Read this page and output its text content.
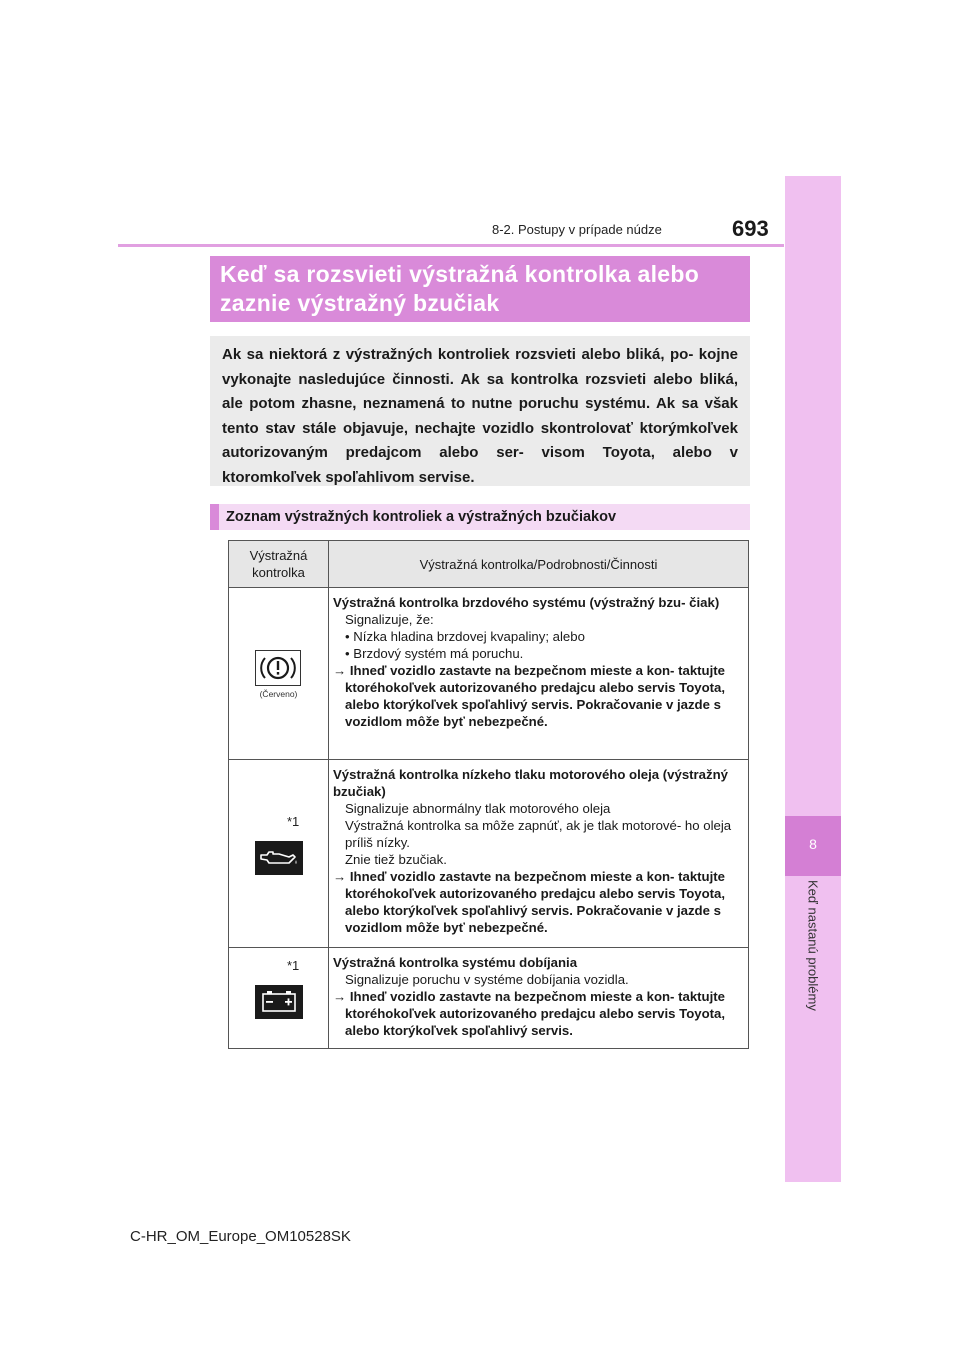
8
Keď nastanú problémy
8-2. Postupy v prípade núdze	693
Keď sa rozsvieti výstražná kontrolka alebo
zaznie výstražný bzučiak

Ak sa niektorá z výstražných kontroliek rozsvieti alebo bliká, po- kojne vykonajte nasledujúce činnosti. Ak sa kontrolka rozsvieti alebo bliká, ale potom zhasne, neznamená to nutne poruchu systému. Ak sa však tento stav stále objavuje, nechajte vozidlo skontrolovať ktorýmkoľvek autorizovaným predajcom alebo ser- visom Toyota, alebo v ktoromkoľvek spoľahlivom servise.

Zoznam výstražných kontroliek a výstražných bzučiakov
Výstražná kontrolka
Výstražná kontrolka/Podrobnosti/Činnosti
(Červeno)
Výstražná kontrolka brzdového systému (výstražný bzu- čiak)
Signalizuje, že:
• Nízka hladina brzdovej kvapaliny; alebo
• Brzdový systém má poruchu.
→ Ihneď vozidlo zastavte na bezpečnom mieste a kon- taktujte ktoréhokoľvek autorizovaného predajcu alebo servis Toyota, alebo ktorýkoľvek spoľahlivý servis. Pokračovanie v jazde s vozidlom môže byť nebezpečné.
*1
Výstražná kontrolka nízkeho tlaku motorového oleja (výstražný bzučiak)
Signalizuje abnormálny tlak motorového oleja
Výstražná kontrolka sa môže zapnúť, ak je tlak motorové- ho oleja príliš nízky.
Znie tiež bzučiak.
→ Ihneď vozidlo zastavte na bezpečnom mieste a kon- taktujte ktoréhokoľvek autorizovaného predajcu alebo servis Toyota, alebo ktorýkoľvek spoľahlivý servis. Pokračovanie v jazde s vozidlom môže byť nebezpečné.
*1	Výstražná kontrolka systému dobíjania
Signalizuje poruchu v systéme dobíjania vozidla.
→ Ihneď vozidlo zastavte na bezpečnom mieste a kon- taktujte ktoréhokoľvek autorizovaného predajcu alebo servis Toyota, alebo ktorýkoľvek spoľahlivý servis.
C-HR_OM_Europe_OM10528SK
